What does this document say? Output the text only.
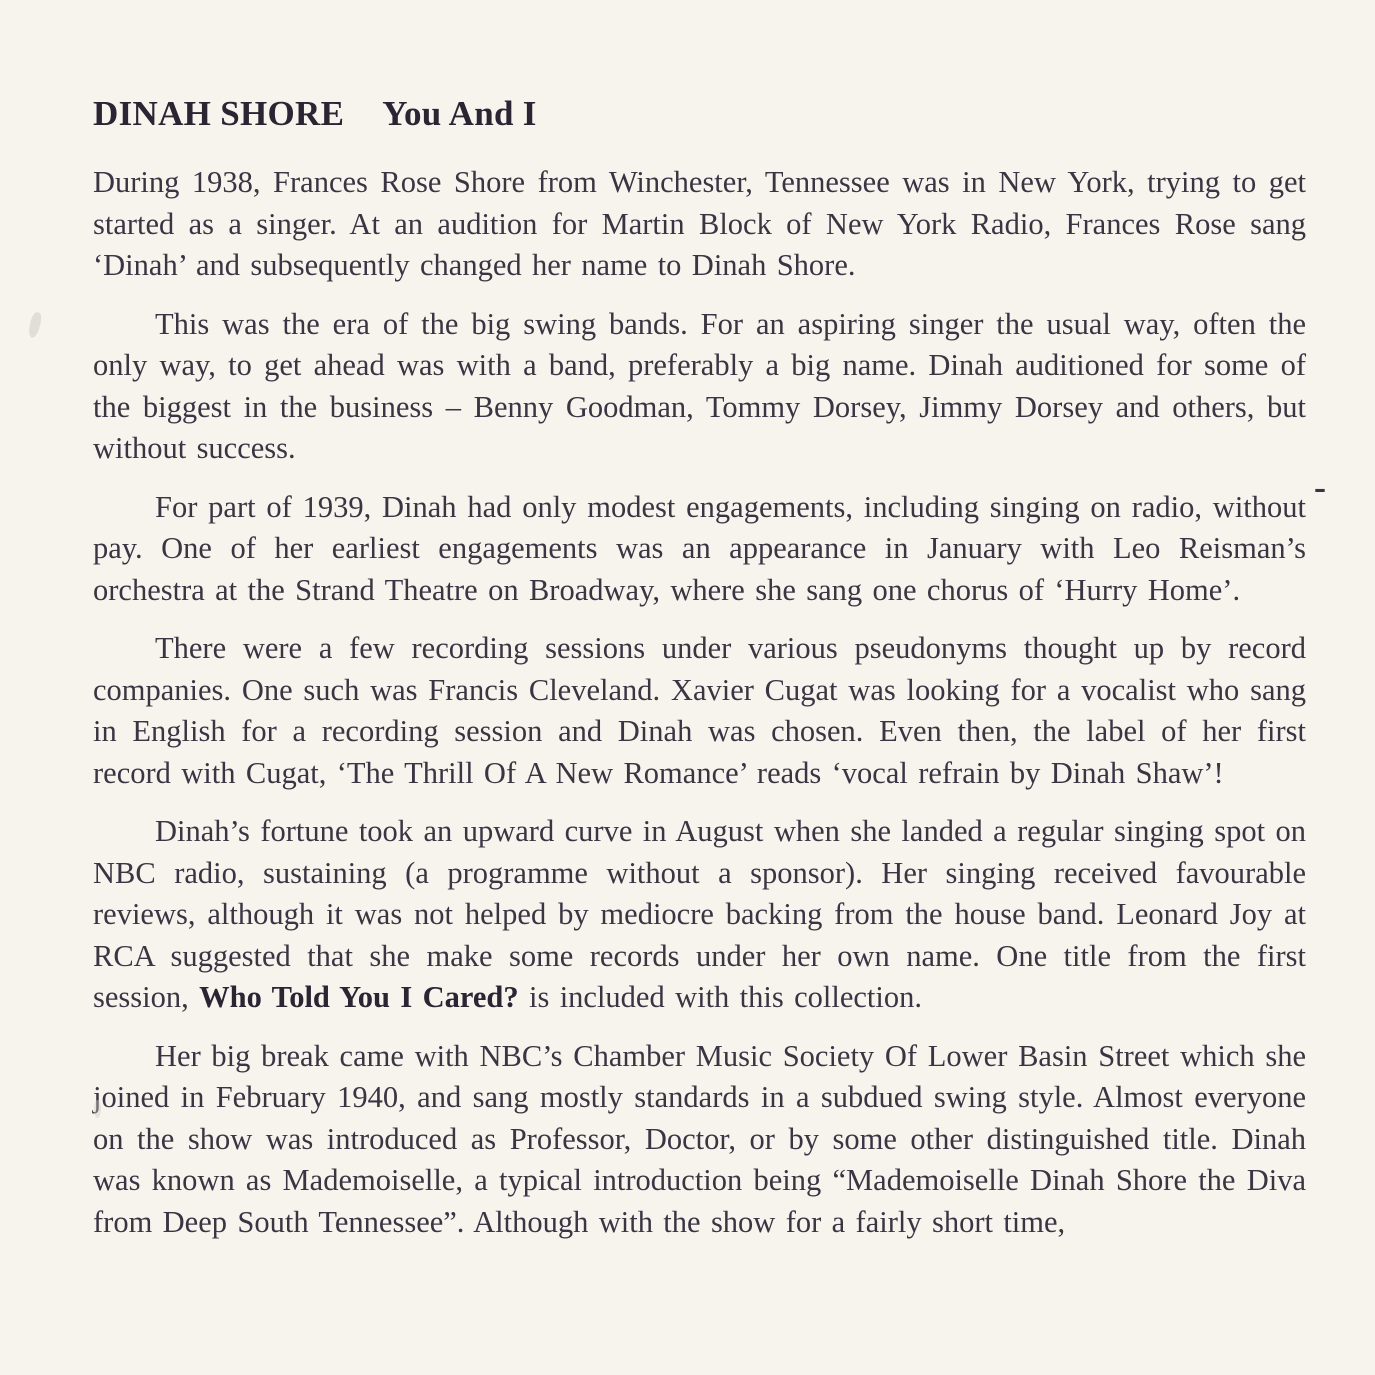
DINAH SHORE You And I

During 1938, Frances Rose Shore from Winchester, Tennessee was in New York, trying to get started as a singer. At an audition for Martin Block of New York Radio, Frances Rose sang ‘Dinah’ and subsequently changed her name to Dinah Shore.

This was the era of the big swing bands. For an aspiring singer the usual way, often the only way, to get ahead was with a band, preferably a big name. Dinah auditioned for some of the biggest in the business – Benny Goodman, Tommy Dorsey, Jimmy Dorsey and others, but without success.

For part of 1939, Dinah had only modest engagements, including singing on radio, without pay. One of her earliest engagements was an appearance in January with Leo Reisman’s orchestra at the Strand Theatre on Broadway, where she sang one chorus of ‘Hurry Home’.

There were a few recording sessions under various pseudonyms thought up by record companies. One such was Francis Cleveland. Xavier Cugat was looking for a vocalist who sang in English for a recording session and Dinah was chosen. Even then, the label of her first record with Cugat, ‘The Thrill Of A New Romance’ reads ‘vocal refrain by Dinah Shaw’!

Dinah’s fortune took an upward curve in August when she landed a regular singing spot on NBC radio, sustaining (a programme without a sponsor). Her singing received favourable reviews, although it was not helped by mediocre backing from the house band. Leonard Joy at RCA suggested that she make some records under her own name. One title from the first session, Who Told You I Cared? is included with this collection.

Her big break came with NBC’s Chamber Music Society Of Lower Basin Street which she joined in February 1940, and sang mostly standards in a subdued swing style. Almost everyone on the show was introduced as Professor, Doctor, or by some other distinguished title. Dinah was known as Mademoiselle, a typical introduction being “Mademoiselle Dinah Shore the Diva from Deep South Tennessee”. Although with the show for a fairly short time,

-
